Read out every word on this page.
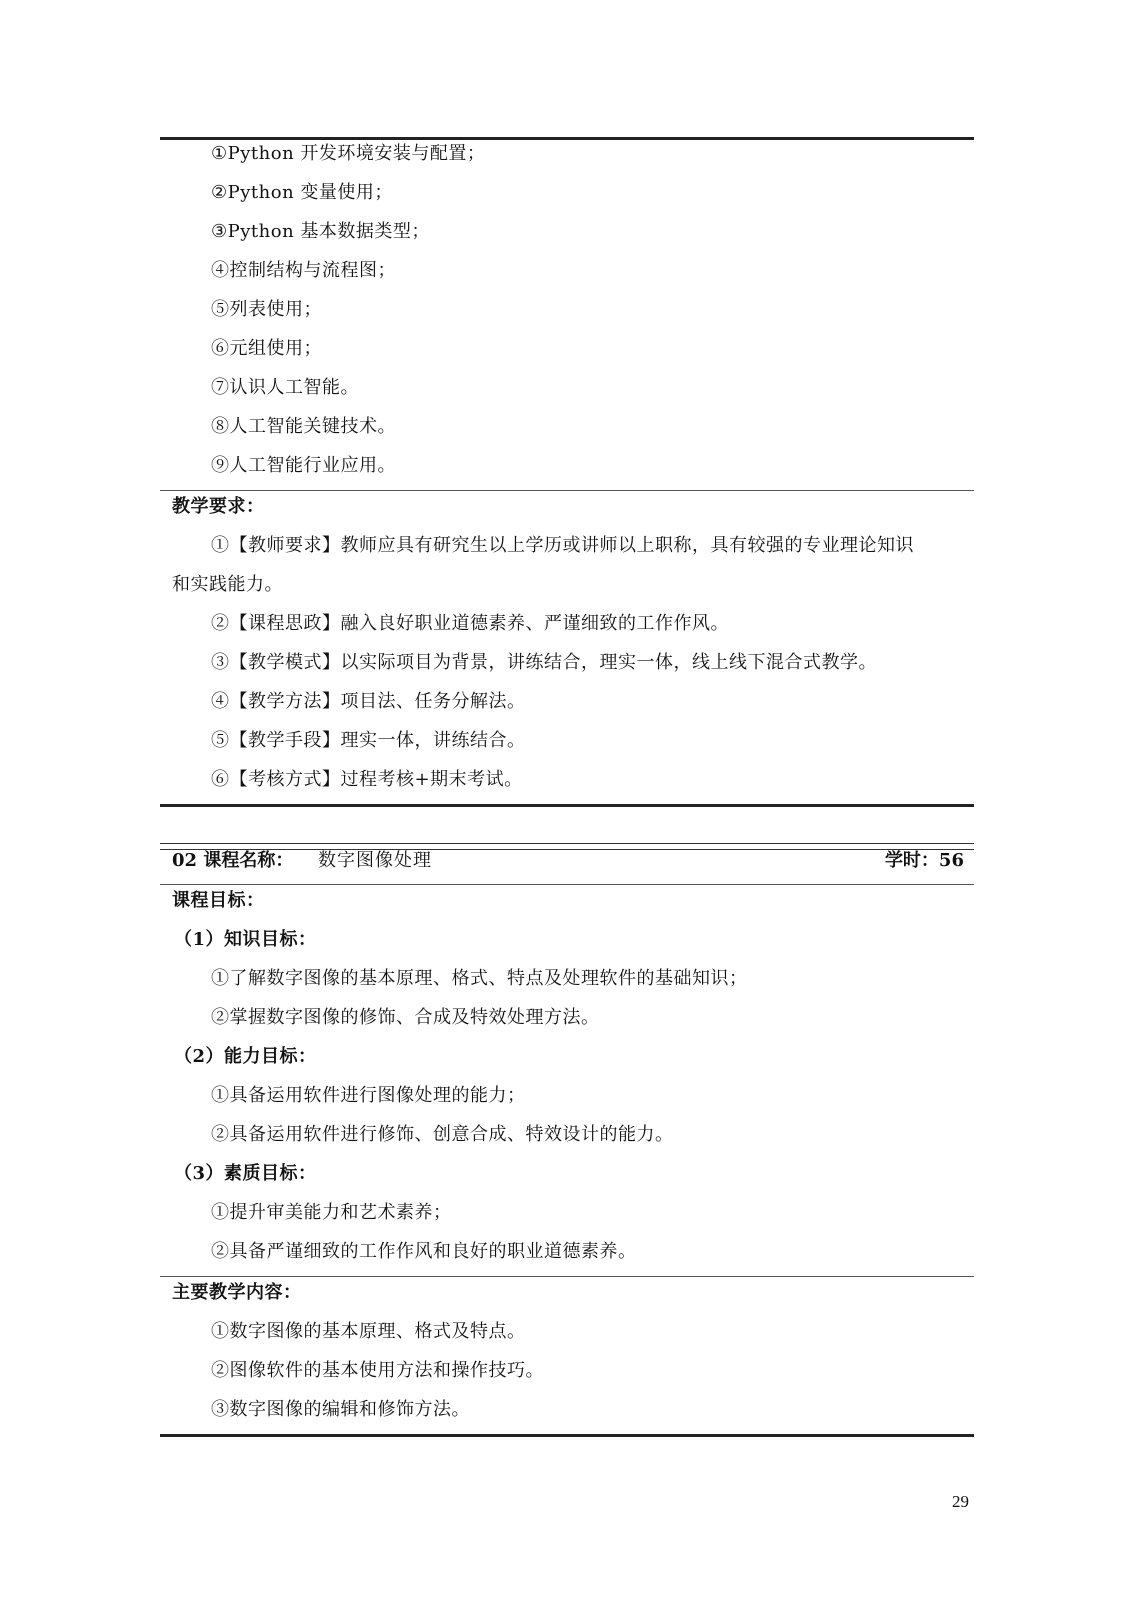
①Python 开发环境安装与配置；
②Python 变量使用；
③Python 基本数据类型；
④控制结构与流程图；
⑤列表使用；
⑥元组使用；
⑦认识人工智能。
⑧人工智能关键技术。
⑨人工智能行业应用。
教学要求：
①【教师要求】教师应具有研究生以上学历或讲师以上职称，具有较强的专业理论知识
和实践能力。
②【课程思政】融入良好职业道德素养、严谨细致的工作作风。
③【教学模式】以实际项目为背景，讲练结合，理实一体，线上线下混合式教学。
④【教学方法】项目法、任务分解法。
⑤【教学手段】理实一体，讲练结合。
⑥【考核方式】过程考核+期末考试。
02 课程名称： 数字图像处理	学时：56
课程目标：
（1）知识目标：
①了解数字图像的基本原理、格式、特点及处理软件的基础知识；
②掌握数字图像的修饰、合成及特效处理方法。
（2）能力目标：
①具备运用软件进行图像处理的能力；
②具备运用软件进行修饰、创意合成、特效设计的能力。
（3）素质目标：
①提升审美能力和艺术素养；
②具备严谨细致的工作作风和良好的职业道德素养。
主要教学内容：
①数字图像的基本原理、格式及特点。
②图像软件的基本使用方法和操作技巧。
③数字图像的编辑和修饰方法。
29
